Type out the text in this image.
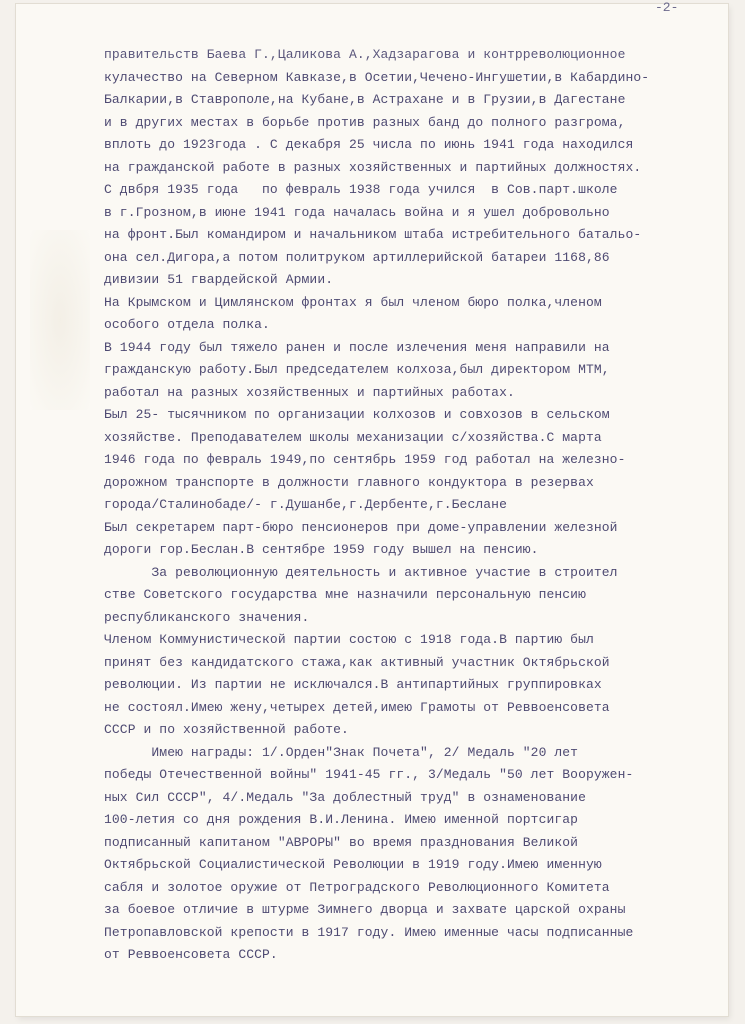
-2-
правительств Баева Г.,Цаликова А.,Хадзарагова и контрреволюционное
кулачество на Северном Кавказе,в Осетии,Чечено-Ингушетии,в Кабардино-
Балкарии,в Ставрополе,на Кубане,в Астрахане и в Грузии,в Дагестане
и в других местах в борьбе против разных банд до полного разгрома,
вплоть до 1923года . С декабря 25 числа по июнь 1941 года находился
на гражданской работе в разных хозяйственных и партийных должностях.
С двбря 1935 года   по февраль 1938 года учился  в Сов.парт.школе
в г.Грозном,в июне 1941 года началась война и я ушел добровольно
на фронт.Был командиром и начальником штаба истребительного батальо-
она сел.Дигора,а потом политруком артиллерийской батареи 1168,86
дивизии 51 гвардейской Армии.
На Крымском и Цимлянском фронтах я был членом бюро полка,членом
особого отдела полка.
В 1944 году был тяжело ранен и после излечения меня направили на
гражданскую работу.Был председателем колхоза,был директором МТМ,
работал на разных хозяйственных и партийных работах.
Был 25- тысячником по организации колхозов и совхозов в сельском
хозяйстве. Преподавателем школы механизации с/хозяйства.С марта
1946 года по февраль 1949,по сентябрь 1959 год работал на железно-
дорожном транспорте в должности главного кондуктора в резервах
города/Сталинобаде/- г.Душанбе,г.Дербенте,г.Беслане
Был секретарем парт-бюро пенсионеров при доме-управлении железной
дороги гор.Беслан.В сентябре 1959 году вышел на пенсию.
За революционную деятельность и активное участие в строител
стве Советского государства мне назначили персональную пенсию
республиканского значения.
Членом Коммунистической партии состою с 1918 года.В партию был
принят без кандидатского стажа,как активный участник Октябрьской
революции. Из партии не исключался.В антипартийных группировках
не состоял.Имею жену,четырех детей,имею Грамоты от Реввоенсовета
СССР и по хозяйственной работе.
Имею награды: 1/.Орден"Знак Почета", 2/ Медаль "20 лет
победы Отечественной войны" 1941-45 гг., 3/Медаль "50 лет Вооружен-
ных Сил СССР", 4/.Медаль "За доблестный труд" в ознаменование
100-летия со дня рождения В.И.Ленина. Имею именной портсигар
подписанный капитаном "АВРОРЫ" во время празднования Великой
Октябрьской Социалистической Революции в 1919 году.Имею именную
сабля и золотое оружие от Петроградского Революционного Комитета
за боевое отличие в штурме Зимнего дворца и захвате царской охраны
Петропавловской крепости в 1917 году. Имею именные часы подписанные
от Реввоенсовета СССР.
